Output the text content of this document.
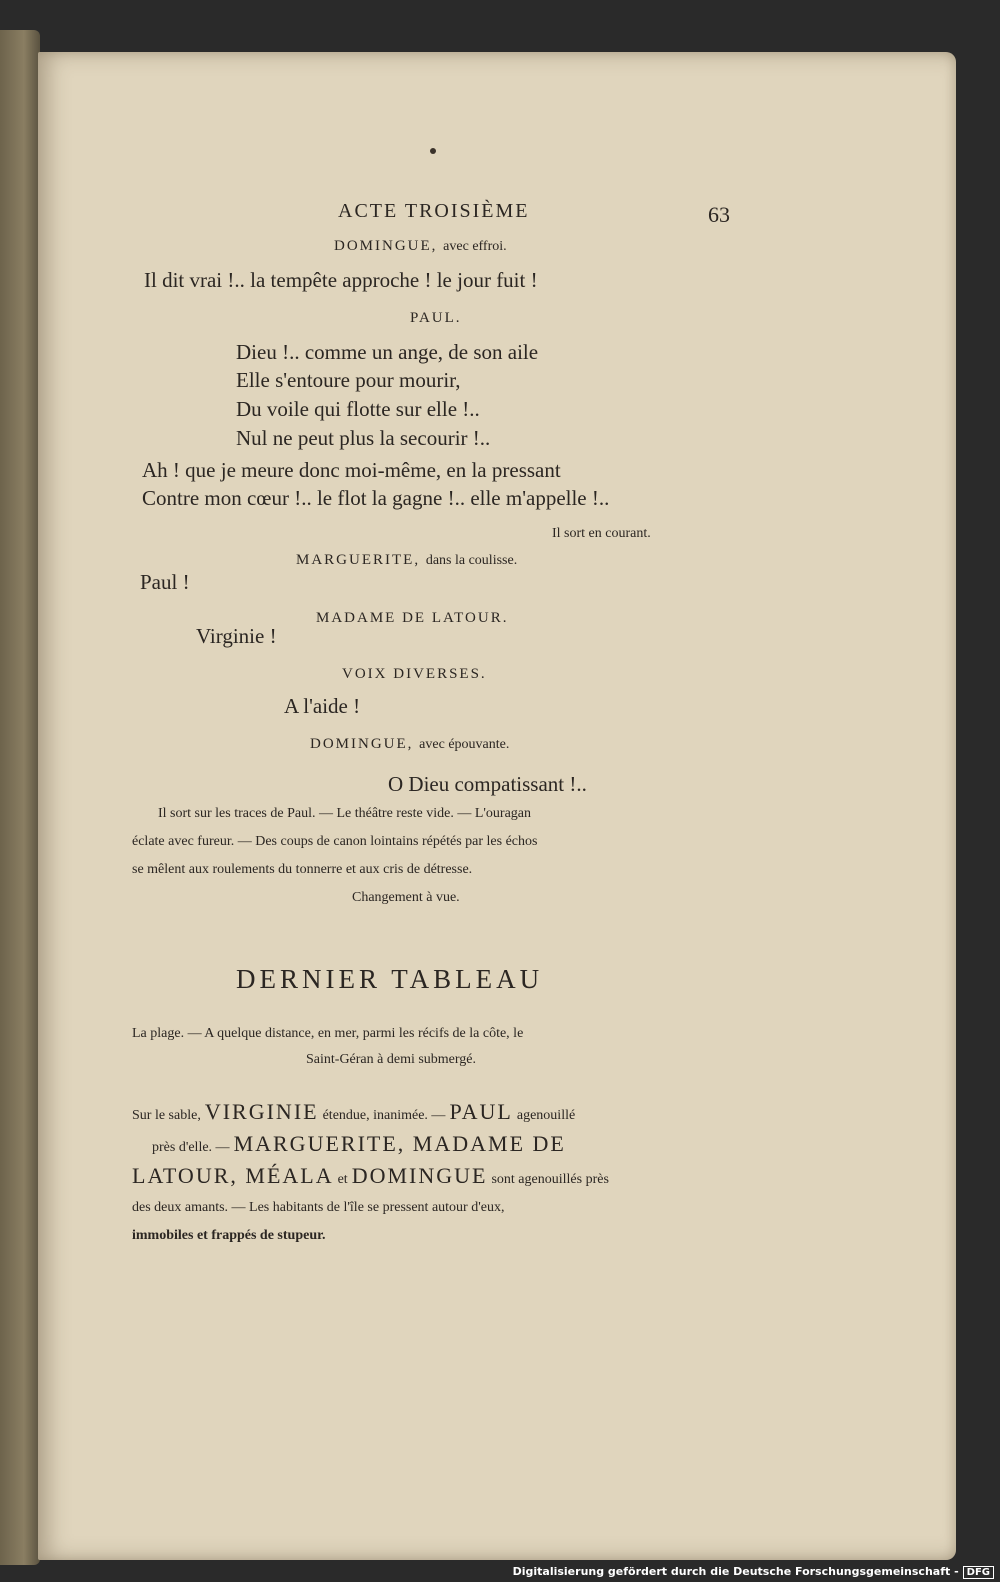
ACTE TROISIÈME	63
DOMINGUE, avec effroi.
Il dit vrai !.. la tempête approche ! le jour fuit !
PAUL.
Dieu !.. comme un ange, de son aile
Elle s'entoure pour mourir,
Du voile qui flotte sur elle !..
Nul ne peut plus la secourir !..
Ah ! que je meure donc moi-même, en la pressant
Contre mon cœur !.. le flot la gagne !.. elle m'appelle !..
Il sort en courant.
MARGUERITE, dans la coulisse.
Paul !
MADAME DE LATOUR.
Virginie !
VOIX DIVERSES.
A l'aide !
DOMINGUE, avec épouvante.
O Dieu compatissant !..
Il sort sur les traces de Paul. — Le théâtre reste vide. — L'ouragan
éclate avec fureur. — Des coups de canon lointains répétés par les échos
se mêlent aux roulements du tonnerre et aux cris de détresse.
Changement à vue.
DERNIER TABLEAU

La plage. — A quelque distance, en mer, parmi les récifs de la côte, le

Saint-Géran à demi submergé.

Sur le sable, VIRGINIE étendue, inanimée. — PAUL agenouillé

près d'elle. — MARGUERITE, MADAME DE

LATOUR, MÉALA et DOMINGUE sont agenouillés près

des deux amants. — Les habitants de l'île se pressent autour d'eux,

immobiles et frappés de stupeur.

Digitalisierung gefördert durch die Deutsche Forschungsgemeinschaft - DFG
